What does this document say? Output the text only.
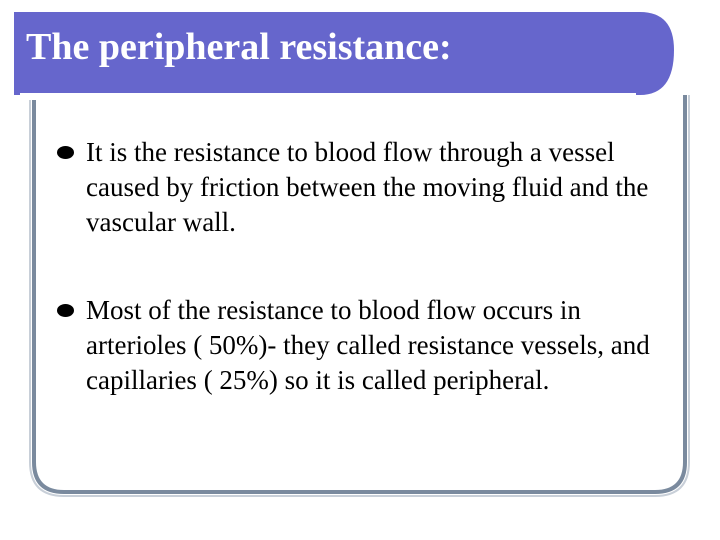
The peripheral resistance:
It is the resistance to blood flow through a vessel caused by friction between the moving fluid and the vascular wall.
Most of the resistance to blood flow occurs in arterioles ( 50%)- they called resistance vessels, and capillaries ( 25%) so it is called peripheral.
